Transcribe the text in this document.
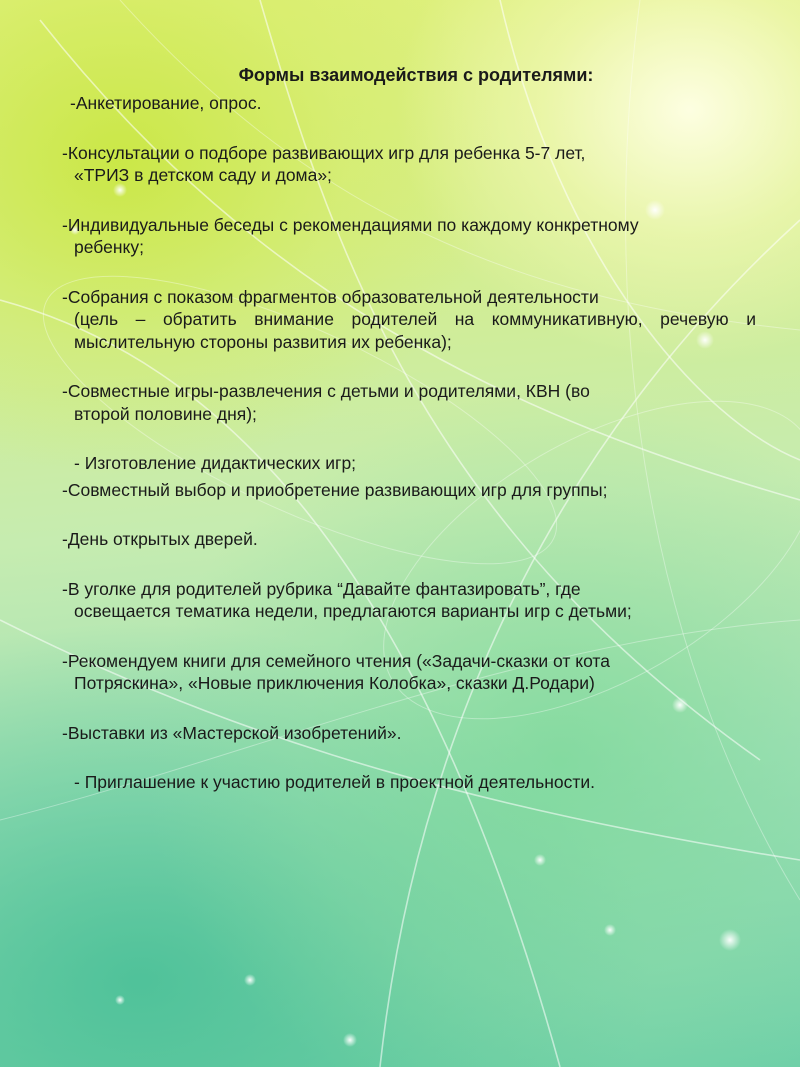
Формы взаимодействия с родителями:
-Анкетирование, опрос.
-Консультации о подборе развивающих игр для ребенка 5-7 лет,
«ТРИЗ в детском саду и дома»;
-Индивидуальные беседы с рекомендациями по каждому конкретному
ребенку;
-Собрания с показом фрагментов образовательной деятельности
(цель – обратить внимание родителей на коммуникативную, речевую и мыслительную стороны развития их ребенка);
-Совместные игры-развлечения с детьми и родителями, КВН (во
второй половине дня);
- Изготовление дидактических игр;
-Совместный выбор и приобретение развивающих игр для группы;
-День открытых дверей.
-В уголке для родителей рубрика “Давайте фантазировать”, где
освещается тематика недели, предлагаются варианты игр с детьми;
-Рекомендуем книги для семейного чтения («Задачи-сказки от кота
Потряскина», «Новые приключения Колобка», сказки Д.Родари)
-Выставки из «Мастерской изобретений».
- Приглашение к участию родителей в проектной деятельности.
